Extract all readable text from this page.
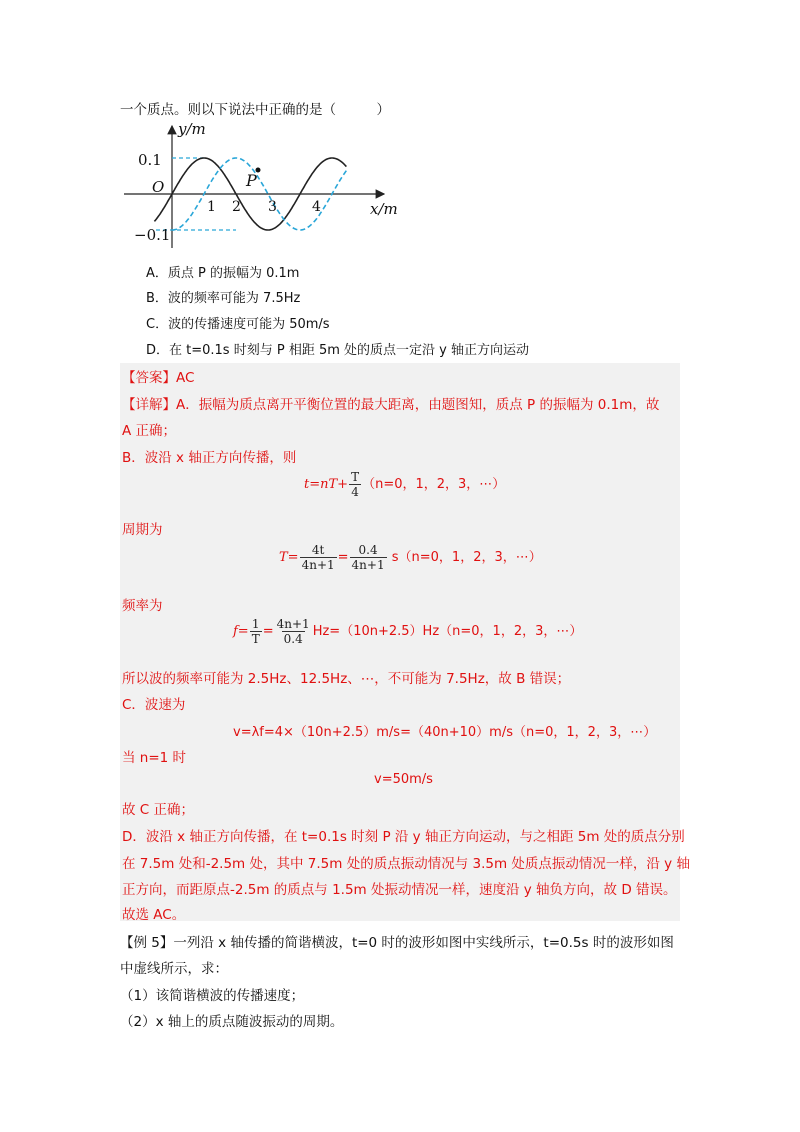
一个质点。则以下说法中正确的是（　　　）
y/m
0.1
O
−0.1
P
1 2 3	4	x/m
A．质点 P 的振幅为 0.1m
B．波的频率可能为 7.5Hz
C．波的传播速度可能为 50m/s
D．在 t=0.1s 时刻与 P 相距 5m 处的质点一定沿 y 轴正方向运动
【答案】AC
【详解】A．振幅为质点离开平衡位置的最大距离，由题图知，质点 P 的振幅为 0.1m，故
A 正确；
B．波沿 x 轴正方向传播，则
$t=nT+ \frac{T}{4} (n=0$，1，2，3，⋯）
周期为
$T= \frac{4t}{4n+1} = \frac{0.4}{4n+1} s(n=0$，1，2，3，⋯）
频率为
$f= \frac{1}{T} = \frac{4n+1}{0.4} Hz=(10n+2.5)Hz(n=0$，1，2，3，⋯）
所以波的频率可能为 2.5Hz、12.5Hz、⋯，不可能为 7.5Hz，故 B 错误；
C．波速为
v=λf=4×（10n+2.5）m/s=（40n+10）m/s（n=0，1，2，3，⋯）
当 n=1 时
v=50m/s
故 C 正确；
D．波沿 x 轴正方向传播，在 t=0.1s 时刻 P 沿 y 轴正方向运动，与之相距 5m 处的质点分别
在 7.5m 处和-2.5m 处，其中 7.5m 处的质点振动情况与 3.5m 处质点振动情况一样，沿 y 轴
正方向，而距原点-2.5m 的质点与 1.5m 处振动情况一样，速度沿 y 轴负方向，故 D 错误。
故选 AC。
【例 5】一列沿 x 轴传播的简谐横波，t=0 时的波形如图中实线所示，t=0.5s 时的波形如图
中虚线所示，求：
（1）该简谐横波的传播速度；
（2）x 轴上的质点随波振动的周期。
